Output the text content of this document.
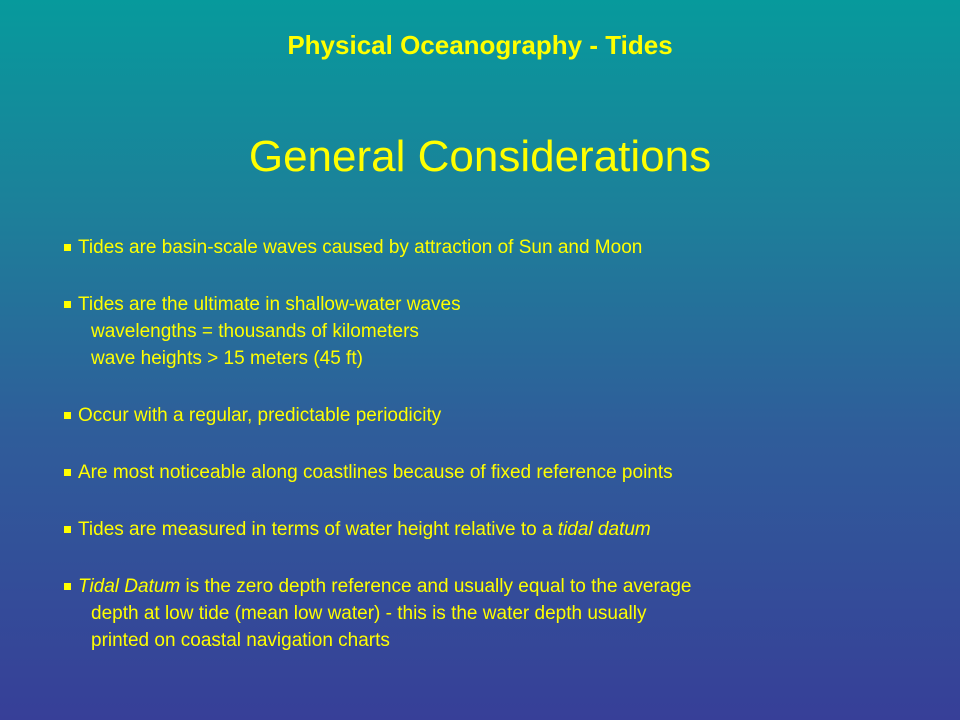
Physical Oceanography - Tides
General Considerations
Tides are basin-scale waves caused by attraction of Sun and Moon
Tides are the ultimate in shallow-water waves
wavelengths = thousands of kilometers
wave heights > 15 meters (45 ft)
Occur with a regular, predictable periodicity
Are most noticeable along coastlines because of fixed reference points
Tides are measured in terms of water height relative to a tidal datum
Tidal Datum is the zero depth reference and usually equal to the average
depth at low tide (mean low water) - this is the water depth usually
printed on coastal navigation charts
